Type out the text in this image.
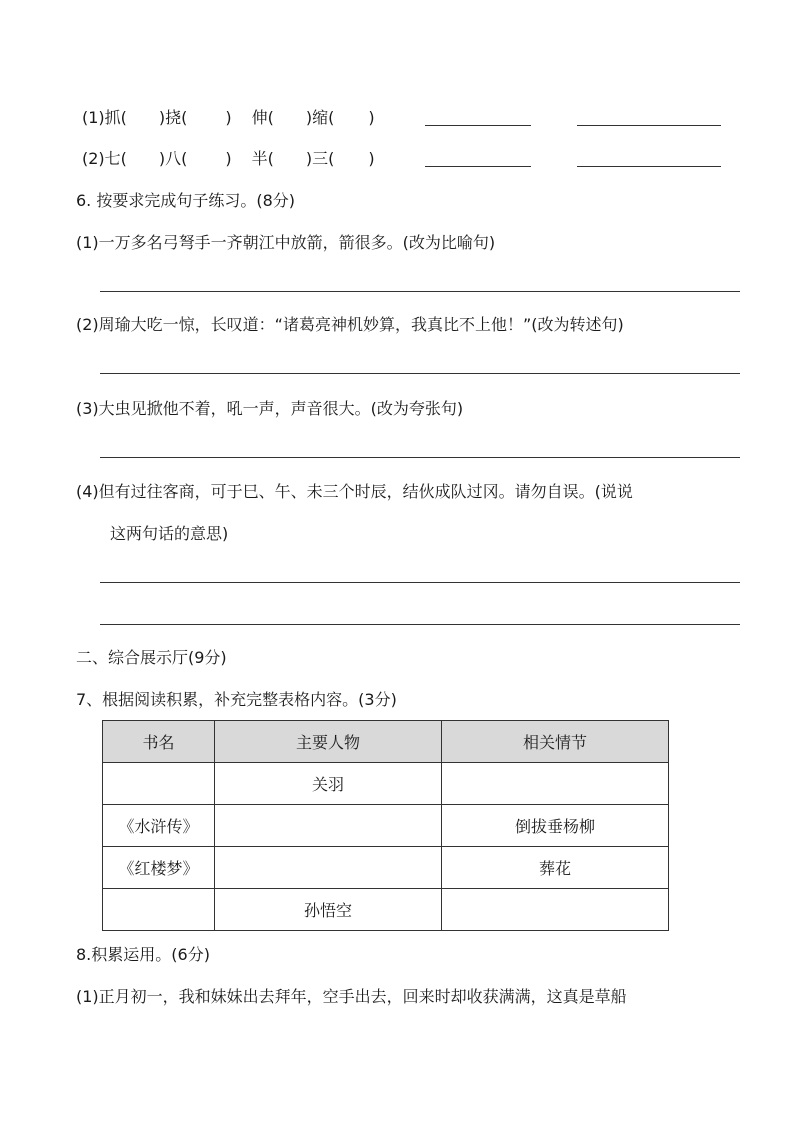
(1)抓( )挠( ) 伸( )缩( )
(2)七( )八( ) 半( )三( )
6. 按要求完成句子练习。(8分)
(1)一万多名弓弩手一齐朝江中放箭，箭很多。(改为比喻句)
(2)周瑜大吃一惊，长叹道：“诸葛亮神机妙算，我真比不上他！”(改为转述句)
(3)大虫见掀他不着，吼一声，声音很大。(改为夸张句)
(4)但有过往客商，可于巳、午、未三个时辰，结伙成队过冈。请勿自误。(说说
这两句话的意思)
二、综合展示厅(9分)
7、根据阅读积累，补充完整表格内容。(3分)
书名	主要人物	相关情节
	关羽	
《水浒传》		倒拔垂杨柳
《红楼梦》		葬花
	孙悟空	
8.积累运用。(6分)
(1)正月初一，我和妹妹出去拜年，空手出去，回来时却收获满满，这真是草船
